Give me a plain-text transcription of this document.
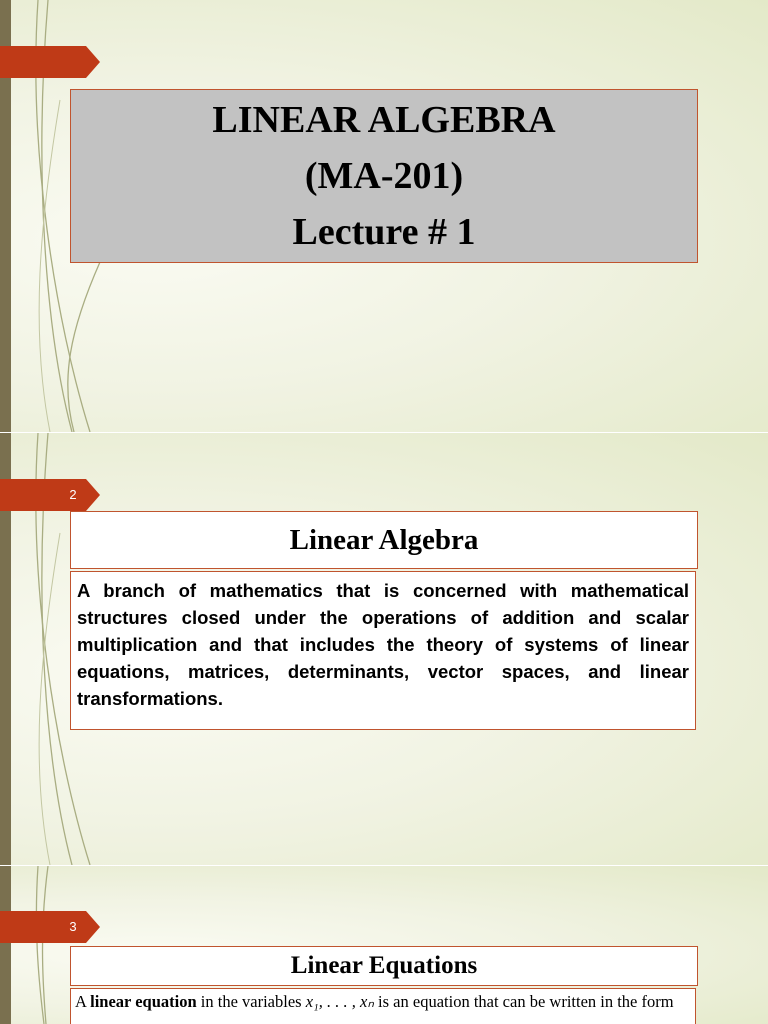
LINEAR ALGEBRA
(MA-201)
Lecture # 1
2
Linear Algebra

A branch of mathematics that is concerned with mathematical structures closed under the operations of addition and scalar multiplication and that includes the theory of systems of linear equations, matrices, determinants, vector spaces, and linear transformations.

3
Linear Equations

A linear equation in the variables x₁, . . . , xₙ is an equation that can be written in the form
